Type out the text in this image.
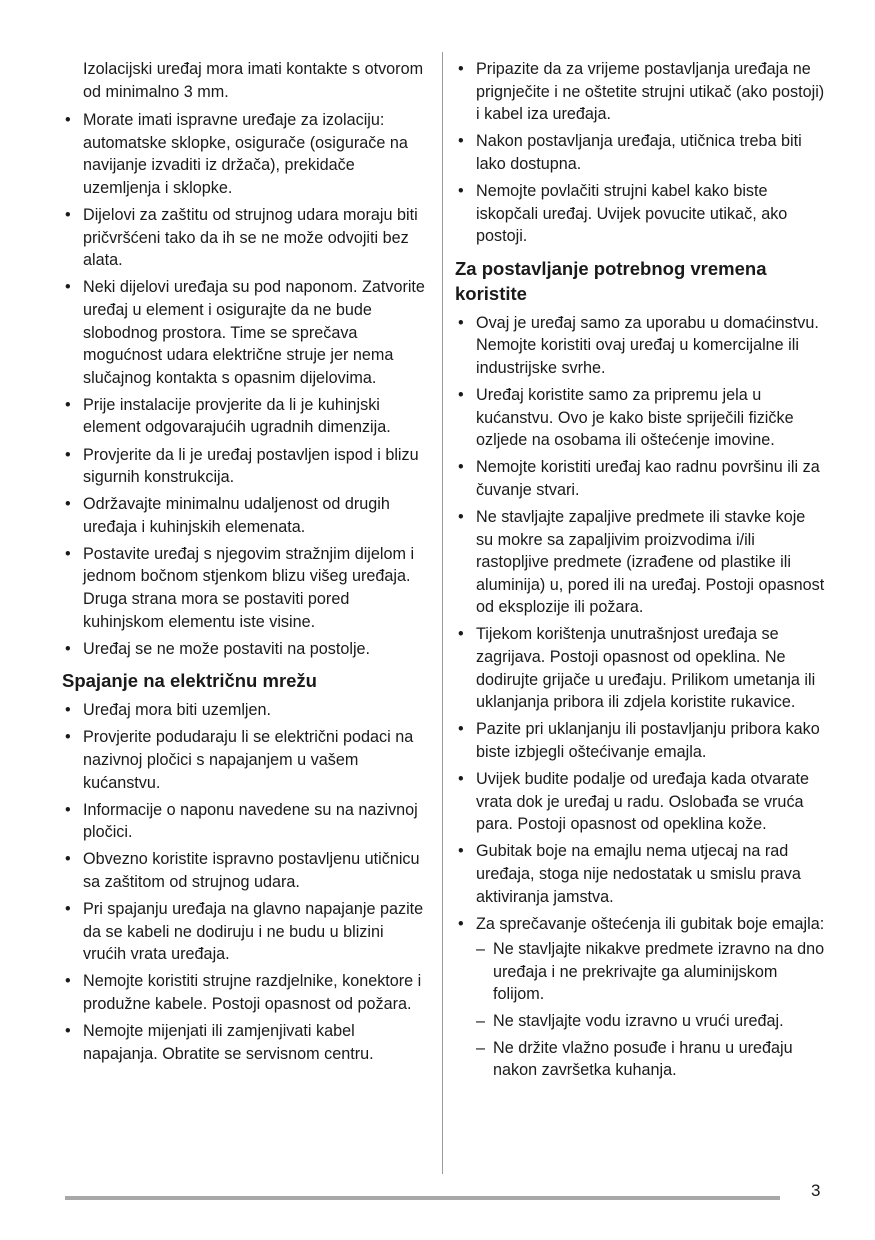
Izolacijski uređaj mora imati kontakte s otvorom od minimalno 3 mm.
• Morate imati ispravne uređaje za izolaciju: automatske sklopke, osigurače (osigurače na navijanje izvaditi iz držača), prekidače uzemljenja i sklopke.
• Dijelovi za zaštitu od strujnog udara moraju biti pričvršćeni tako da ih se ne može odvojiti bez alata.
• Neki dijelovi uređaja su pod naponom. Zatvorite uređaj u element i osigurajte da ne bude slobodnog prostora. Time se sprečava mogućnost udara električne struje jer nema slučajnog kontakta s opasnim dijelovima.
• Prije instalacije provjerite da li je kuhinjski element odgovarajućih ugradnih dimenzija.
• Provjerite da li je uređaj postavljen ispod i blizu sigurnih konstrukcija.
• Održavajte minimalnu udaljenost od drugih uređaja i kuhinjskih elemenata.
• Postavite uređaj s njegovim stražnjim dijelom i jednom bočnom stjenkom blizu višeg uređaja. Druga strana mora se postaviti pored kuhinjskom elementu iste visine.
• Uređaj se ne može postaviti na postolje.
Spajanje na električnu mrežu
• Uređaj mora biti uzemljen.
• Provjerite podudaraju li se električni podaci na nazivnoj pločici s napajanjem u vašem kućanstvu.
• Informacije o naponu navedene su na nazivnoj pločici.
• Obvezno koristite ispravno postavljenu utičnicu sa zaštitom od strujnog udara.
• Pri spajanju uređaja na glavno napajanje pazite da se kabeli ne dodiruju i ne budu u blizini vrućih vrata uređaja.
• Nemojte koristiti strujne razdjelnike, konektore i produžne kabele. Postoji opasnost od požara.
• Nemojte mijenjati ili zamjenjivati kabel napajanja. Obratite se servisnom centru.
• Pripazite da za vrijeme postavljanja uređaja ne prignječite i ne oštetite strujni utikač (ako postoji) i kabel iza uređaja.
• Nakon postavljanja uređaja, utičnica treba biti lako dostupna.
• Nemojte povlačiti strujni kabel kako biste iskopčali uređaj. Uvijek povucite utikač, ako postoji.
Za postavljanje potrebnog vremena koristite
• Ovaj je uređaj samo za uporabu u domaćinstvu. Nemojte koristiti ovaj uređaj u komercijalne ili industrijske svrhe.
• Uređaj koristite samo za pripremu jela u kućanstvu. Ovo je kako biste spriječili fizičke ozljede na osobama ili oštećenje imovine.
• Nemojte koristiti uređaj kao radnu površinu ili za čuvanje stvari.
• Ne stavljajte zapaljive predmete ili stavke koje su mokre sa zapaljivim proizvodima i/ili rastopljive predmete (izrađene od plastike ili aluminija) u, pored ili na uređaj. Postoji opasnost od eksplozije ili požara.
• Tijekom korištenja unutrašnjost uređaja se zagrijava. Postoji opasnost od opeklina. Ne dodirujte grijače u uređaju. Prilikom umetanja ili uklanjanja pribora ili zdjela koristite rukavice.
• Pazite pri uklanjanju ili postavljanju pribora kako biste izbjegli oštećivanje emajla.
• Uvijek budite podalje od uređaja kada otvarate vrata dok je uređaj u radu. Oslobađa se vruća para. Postoji opasnost od opeklina kože.
• Gubitak boje na emajlu nema utjecaj na rad uređaja, stoga nije nedostatak u smislu prava aktiviranja jamstva.
• Za sprečavanje oštećenja ili gubitak boje emajla:
– Ne stavljajte nikakve predmete izravno na dno uređaja i ne prekrivajte ga aluminijskom folijom.
– Ne stavljajte vodu izravno u vrući uređaj.
– Ne držite vlažno posuđe i hranu u uređaju nakon završetka kuhanja.
3
